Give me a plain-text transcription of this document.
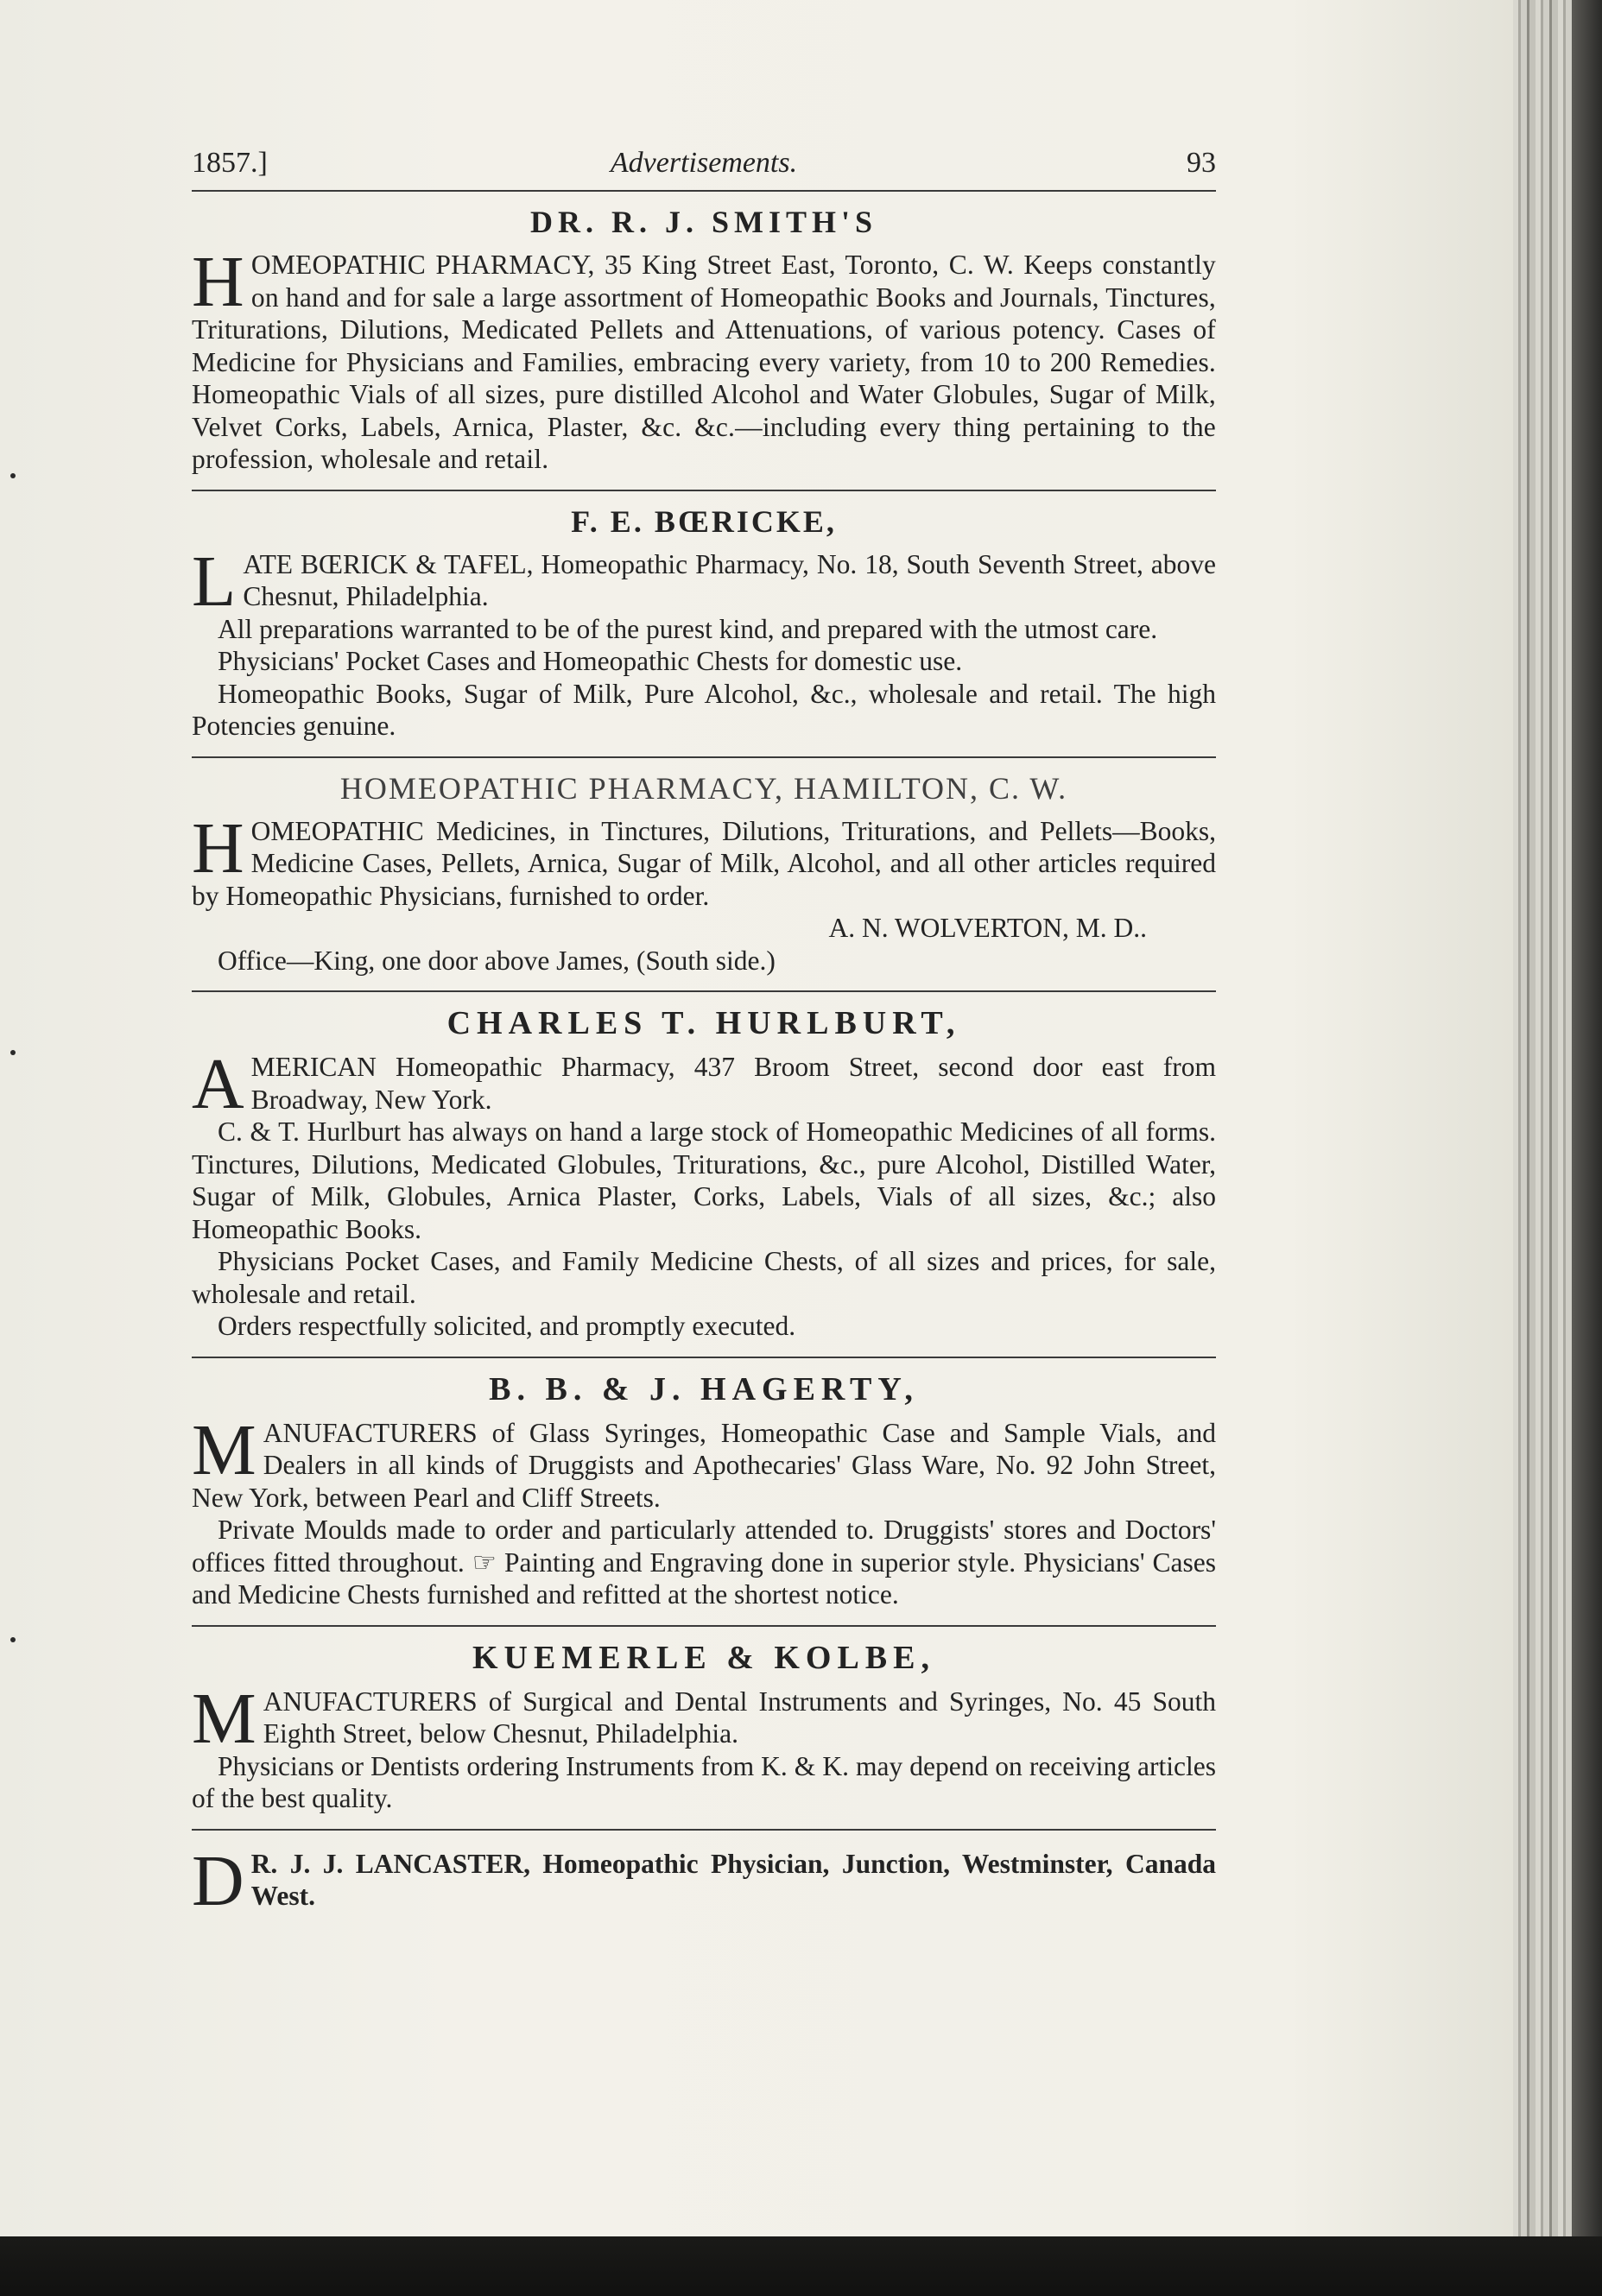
1857.]	Advertisements.	93
DR. R. J. SMITH'S

HOMEOPATHIC PHARMACY, 35 King Street East, Toronto, C. W. Keeps constantly on hand and for sale a large assortment of Homeopathic Books and Journals, Tinctures, Triturations, Dilutions, Medicated Pellets and Attenuations, of various potency. Cases of Medicine for Physicians and Families, embracing every variety, from 10 to 200 Remedies. Homeopathic Vials of all sizes, pure distilled Alcohol and Water Globules, Sugar of Milk, Velvet Corks, Labels, Arnica, Plaster, &c. &c.—including every thing pertaining to the profession, wholesale and retail.

F. E. BŒRICKE,

LATE BŒRICK & TAFEL, Homeopathic Pharmacy, No. 18, South Seventh Street, above Chesnut, Philadelphia.

All preparations warranted to be of the purest kind, and prepared with the utmost care.

Physicians' Pocket Cases and Homeopathic Chests for domestic use.

Homeopathic Books, Sugar of Milk, Pure Alcohol, &c., wholesale and retail. The high Potencies genuine.

HOMEOPATHIC PHARMACY, HAMILTON, C. W.

HOMEOPATHIC Medicines, in Tinctures, Dilutions, Triturations, and Pellets—Books, Medicine Cases, Pellets, Arnica, Sugar of Milk, Alcohol, and all other articles required by Homeopathic Physicians, furnished to order.

A. N. WOLVERTON, M. D..

Office—King, one door above James, (South side.)

CHARLES T. HURLBURT,

AMERICAN Homeopathic Pharmacy, 437 Broom Street, second door east from Broadway, New York.

C. & T. Hurlburt has always on hand a large stock of Homeopathic Medicines of all forms. Tinctures, Dilutions, Medicated Globules, Triturations, &c., pure Alcohol, Distilled Water, Sugar of Milk, Globules, Arnica Plaster, Corks, Labels, Vials of all sizes, &c.; also Homeopathic Books.

Physicians Pocket Cases, and Family Medicine Chests, of all sizes and prices, for sale, wholesale and retail.

Orders respectfully solicited, and promptly executed.

B. B. & J. HAGERTY,

MANUFACTURERS of Glass Syringes, Homeopathic Case and Sample Vials, and Dealers in all kinds of Druggists and Apothecaries' Glass Ware, No. 92 John Street, New York, between Pearl and Cliff Streets.

Private Moulds made to order and particularly attended to. Druggists' stores and Doctors' offices fitted throughout. ☞ Painting and Engraving done in superior style. Physicians' Cases and Medicine Chests furnished and refitted at the shortest notice.

KUEMERLE & KOLBE,

MANUFACTURERS of Surgical and Dental Instruments and Syringes, No. 45 South Eighth Street, below Chesnut, Philadelphia.

Physicians or Dentists ordering Instruments from K. & K. may depend on receiving articles of the best quality.

D R. J. J. LANCASTER, Homeopathic Physician, Junction, Westminster, Canada West.
